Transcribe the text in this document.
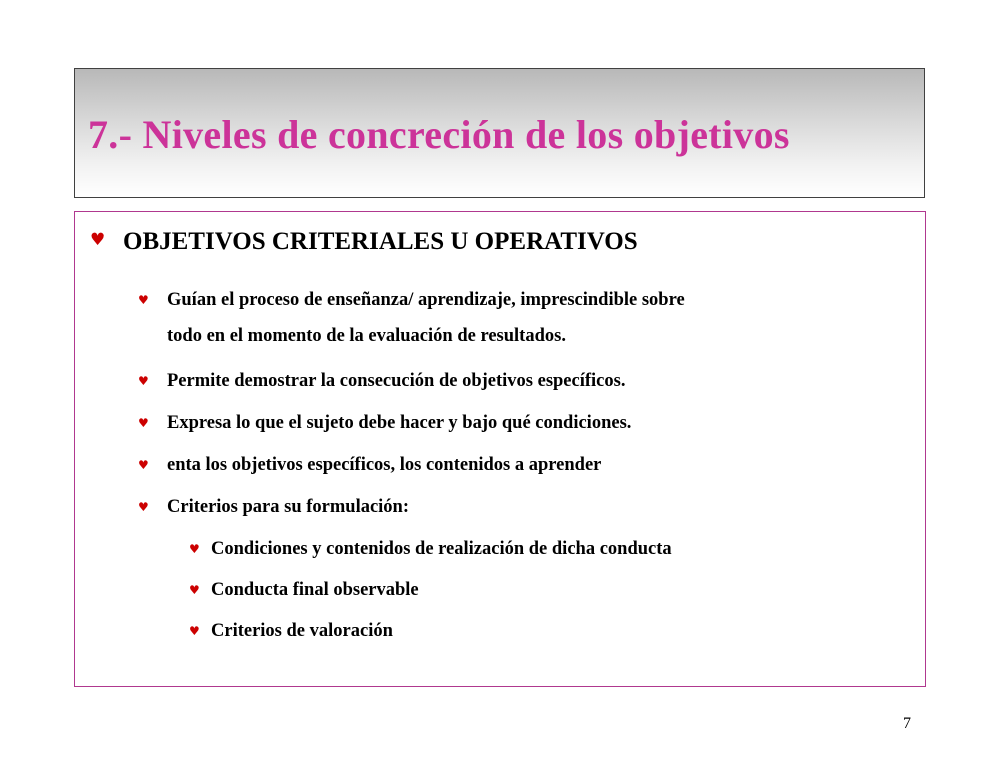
7.- Niveles de concreción de los objetivos
♥ OBJETIVOS CRITERIALES U OPERATIVOS
♥ Guían el proceso de enseñanza/ aprendizaje, imprescindible sobre
todo en el momento de la evaluación de resultados.
♥ Permite demostrar la consecución de objetivos específicos.
♥ Expresa lo que el sujeto debe hacer y bajo qué condiciones.
♥ enta los objetivos específicos, los contenidos a aprender
♥ Criterios para su formulación:
♥ Condiciones y contenidos de realización de dicha conducta
♥ Conducta final observable
♥ Criterios de valoración
7
